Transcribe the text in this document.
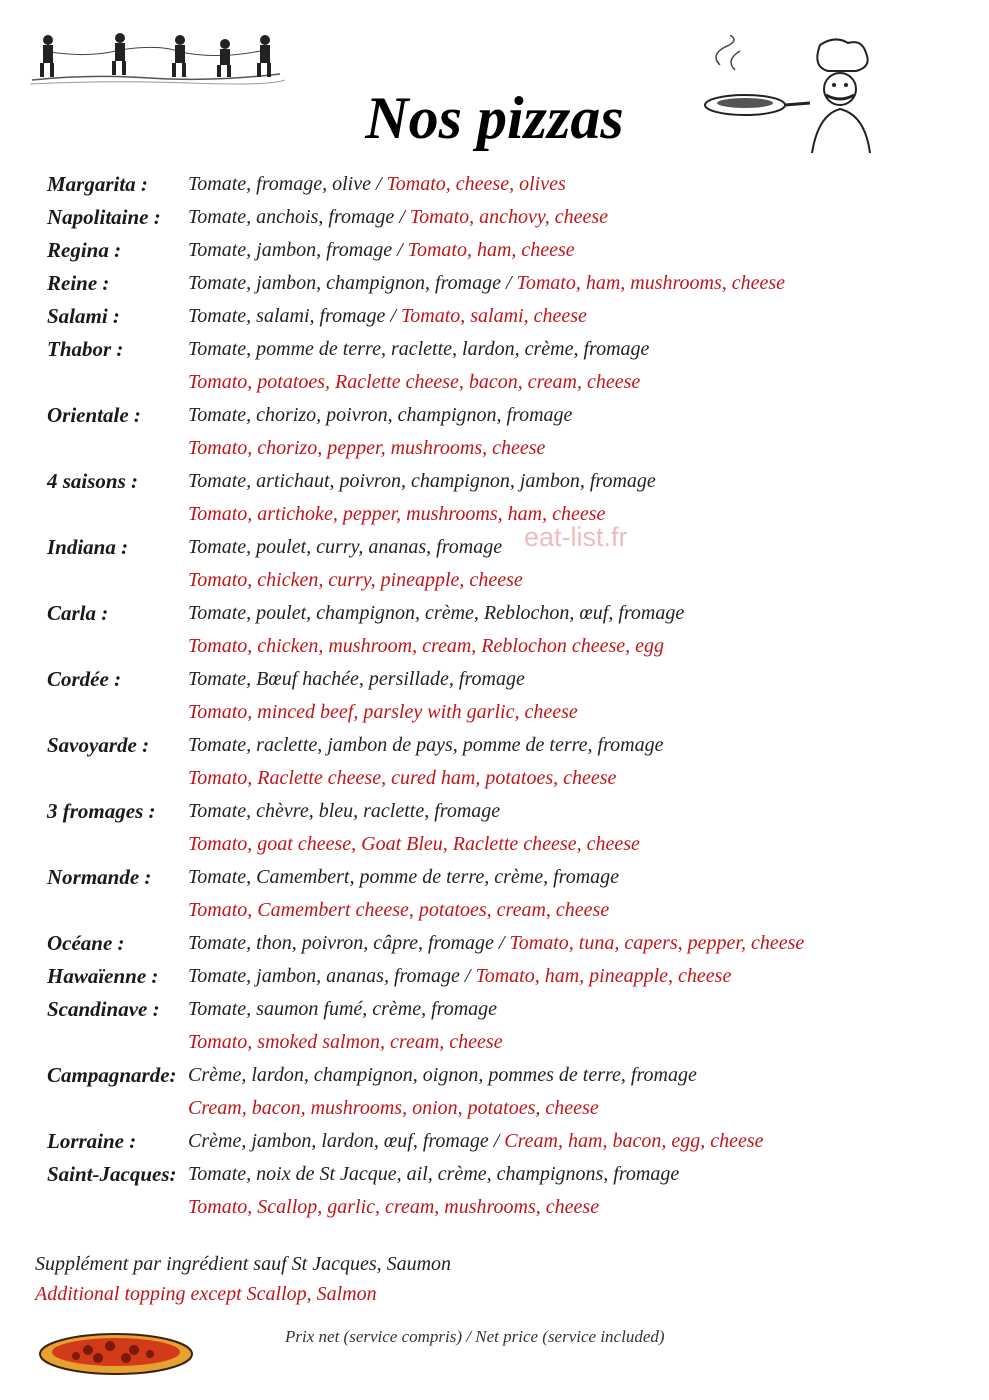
Nos pizzas
Margarita :	Tomate, fromage, olive / Tomato, cheese, olives
Napolitaine :	Tomate, anchois, fromage / Tomato, anchovy, cheese
Regina :	Tomate, jambon, fromage / Tomato, ham, cheese
Reine :	Tomate, jambon, champignon, fromage / Tomato, ham, mushrooms, cheese
Salami :	Tomate, salami, fromage / Tomato, salami, cheese
Thabor :	Tomate, pomme de terre, raclette, lardon, crème, fromage
Tomato, potatoes, Raclette cheese, bacon, cream, cheese
Orientale :	Tomate, chorizo, poivron, champignon, fromage
Tomato, chorizo, pepper, mushrooms, cheese
4 saisons :	Tomate, artichaut, poivron, champignon, jambon, fromage
Tomato, artichoke, pepper, mushrooms, ham, cheese
Indiana :	Tomate, poulet, curry, ananas, fromage
Tomato, chicken, curry, pineapple, cheese
Carla :	Tomate, poulet, champignon, crème, Reblochon, œuf, fromage
Tomato, chicken, mushroom, cream, Reblochon cheese, egg
Cordée :	Tomate, Bœuf hachée, persillade, fromage
Tomato, minced beef, parsley with garlic, cheese
Savoyarde :	Tomate, raclette, jambon de pays, pomme de terre, fromage
Tomato, Raclette cheese, cured ham, potatoes, cheese
3 fromages :	Tomate, chèvre, bleu, raclette, fromage
Tomato, goat cheese, Goat Bleu, Raclette cheese, cheese
Normande :	Tomate, Camembert, pomme de terre, crème, fromage
Tomato, Camembert cheese, potatoes, cream, cheese
Océane :	Tomate, thon, poivron, câpre, fromage / Tomato, tuna, capers, pepper, cheese
Hawaïenne :	Tomate, jambon, ananas, fromage / Tomato, ham, pineapple, cheese
Scandinave :	Tomate, saumon fumé, crème, fromage
Tomato, smoked salmon, cream, cheese
Campagnarde: Crème, lardon, champignon, oignon, pommes de terre, fromage
Cream, bacon, mushrooms, onion, potatoes, cheese
Lorraine :	Crème, jambon, lardon, œuf, fromage / Cream, ham, bacon, egg, cheese
Saint-Jacques: Tomate, noix de St Jacque, ail, crème, champignons, fromage
Tomato, Scallop, garlic, cream, mushrooms, cheese
eat-list.fr
Supplément par ingrédient sauf St Jacques, Saumon
Additional topping except Scallop, Salmon
Prix net (service compris) / Net price (service included)
